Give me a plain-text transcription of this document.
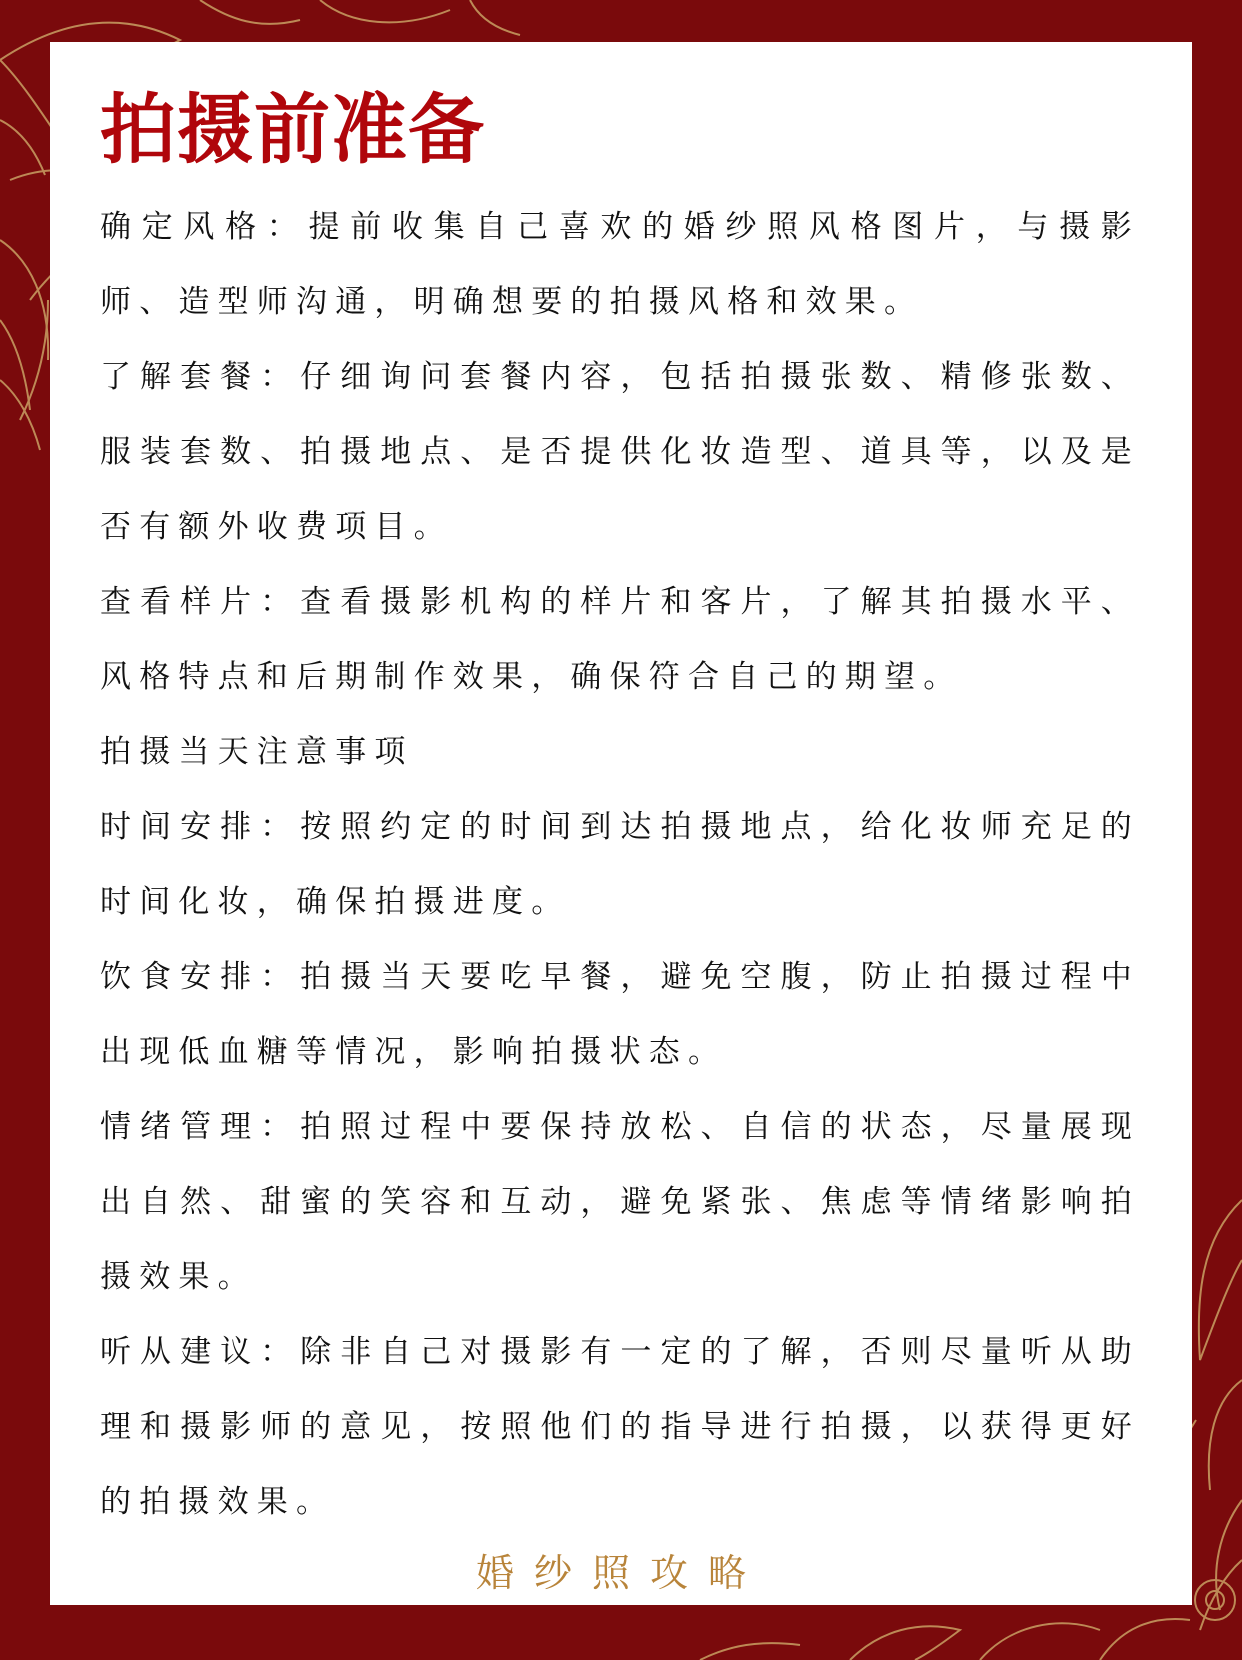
拍摄前准备

确定风格：提前收集自己喜欢的婚纱照风格图片，与摄影师、造型师沟通，明确想要的拍摄风格和效果。

了解套餐：仔细询问套餐内容，包括拍摄张数、精修张数、服装套数、拍摄地点、是否提供化妆造型、道具等，以及是否有额外收费项目。

查看样片：查看摄影机构的样片和客片，了解其拍摄水平、风格特点和后期制作效果，确保符合自己的期望。

拍摄当天注意事项

时间安排：按照约定的时间到达拍摄地点，给化妆师充足的时间化妆，确保拍摄进度。

饮食安排：拍摄当天要吃早餐，避免空腹，防止拍摄过程中出现低血糖等情况，影响拍摄状态。

情绪管理：拍照过程中要保持放松、自信的状态，尽量展现出自然、甜蜜的笑容和互动，避免紧张、焦虑等情绪影响拍摄效果。

听从建议：除非自己对摄影有一定的了解，否则尽量听从助理和摄影师的意见，按照他们的指导进行拍摄，以获得更好的拍摄效果。

婚纱照攻略
